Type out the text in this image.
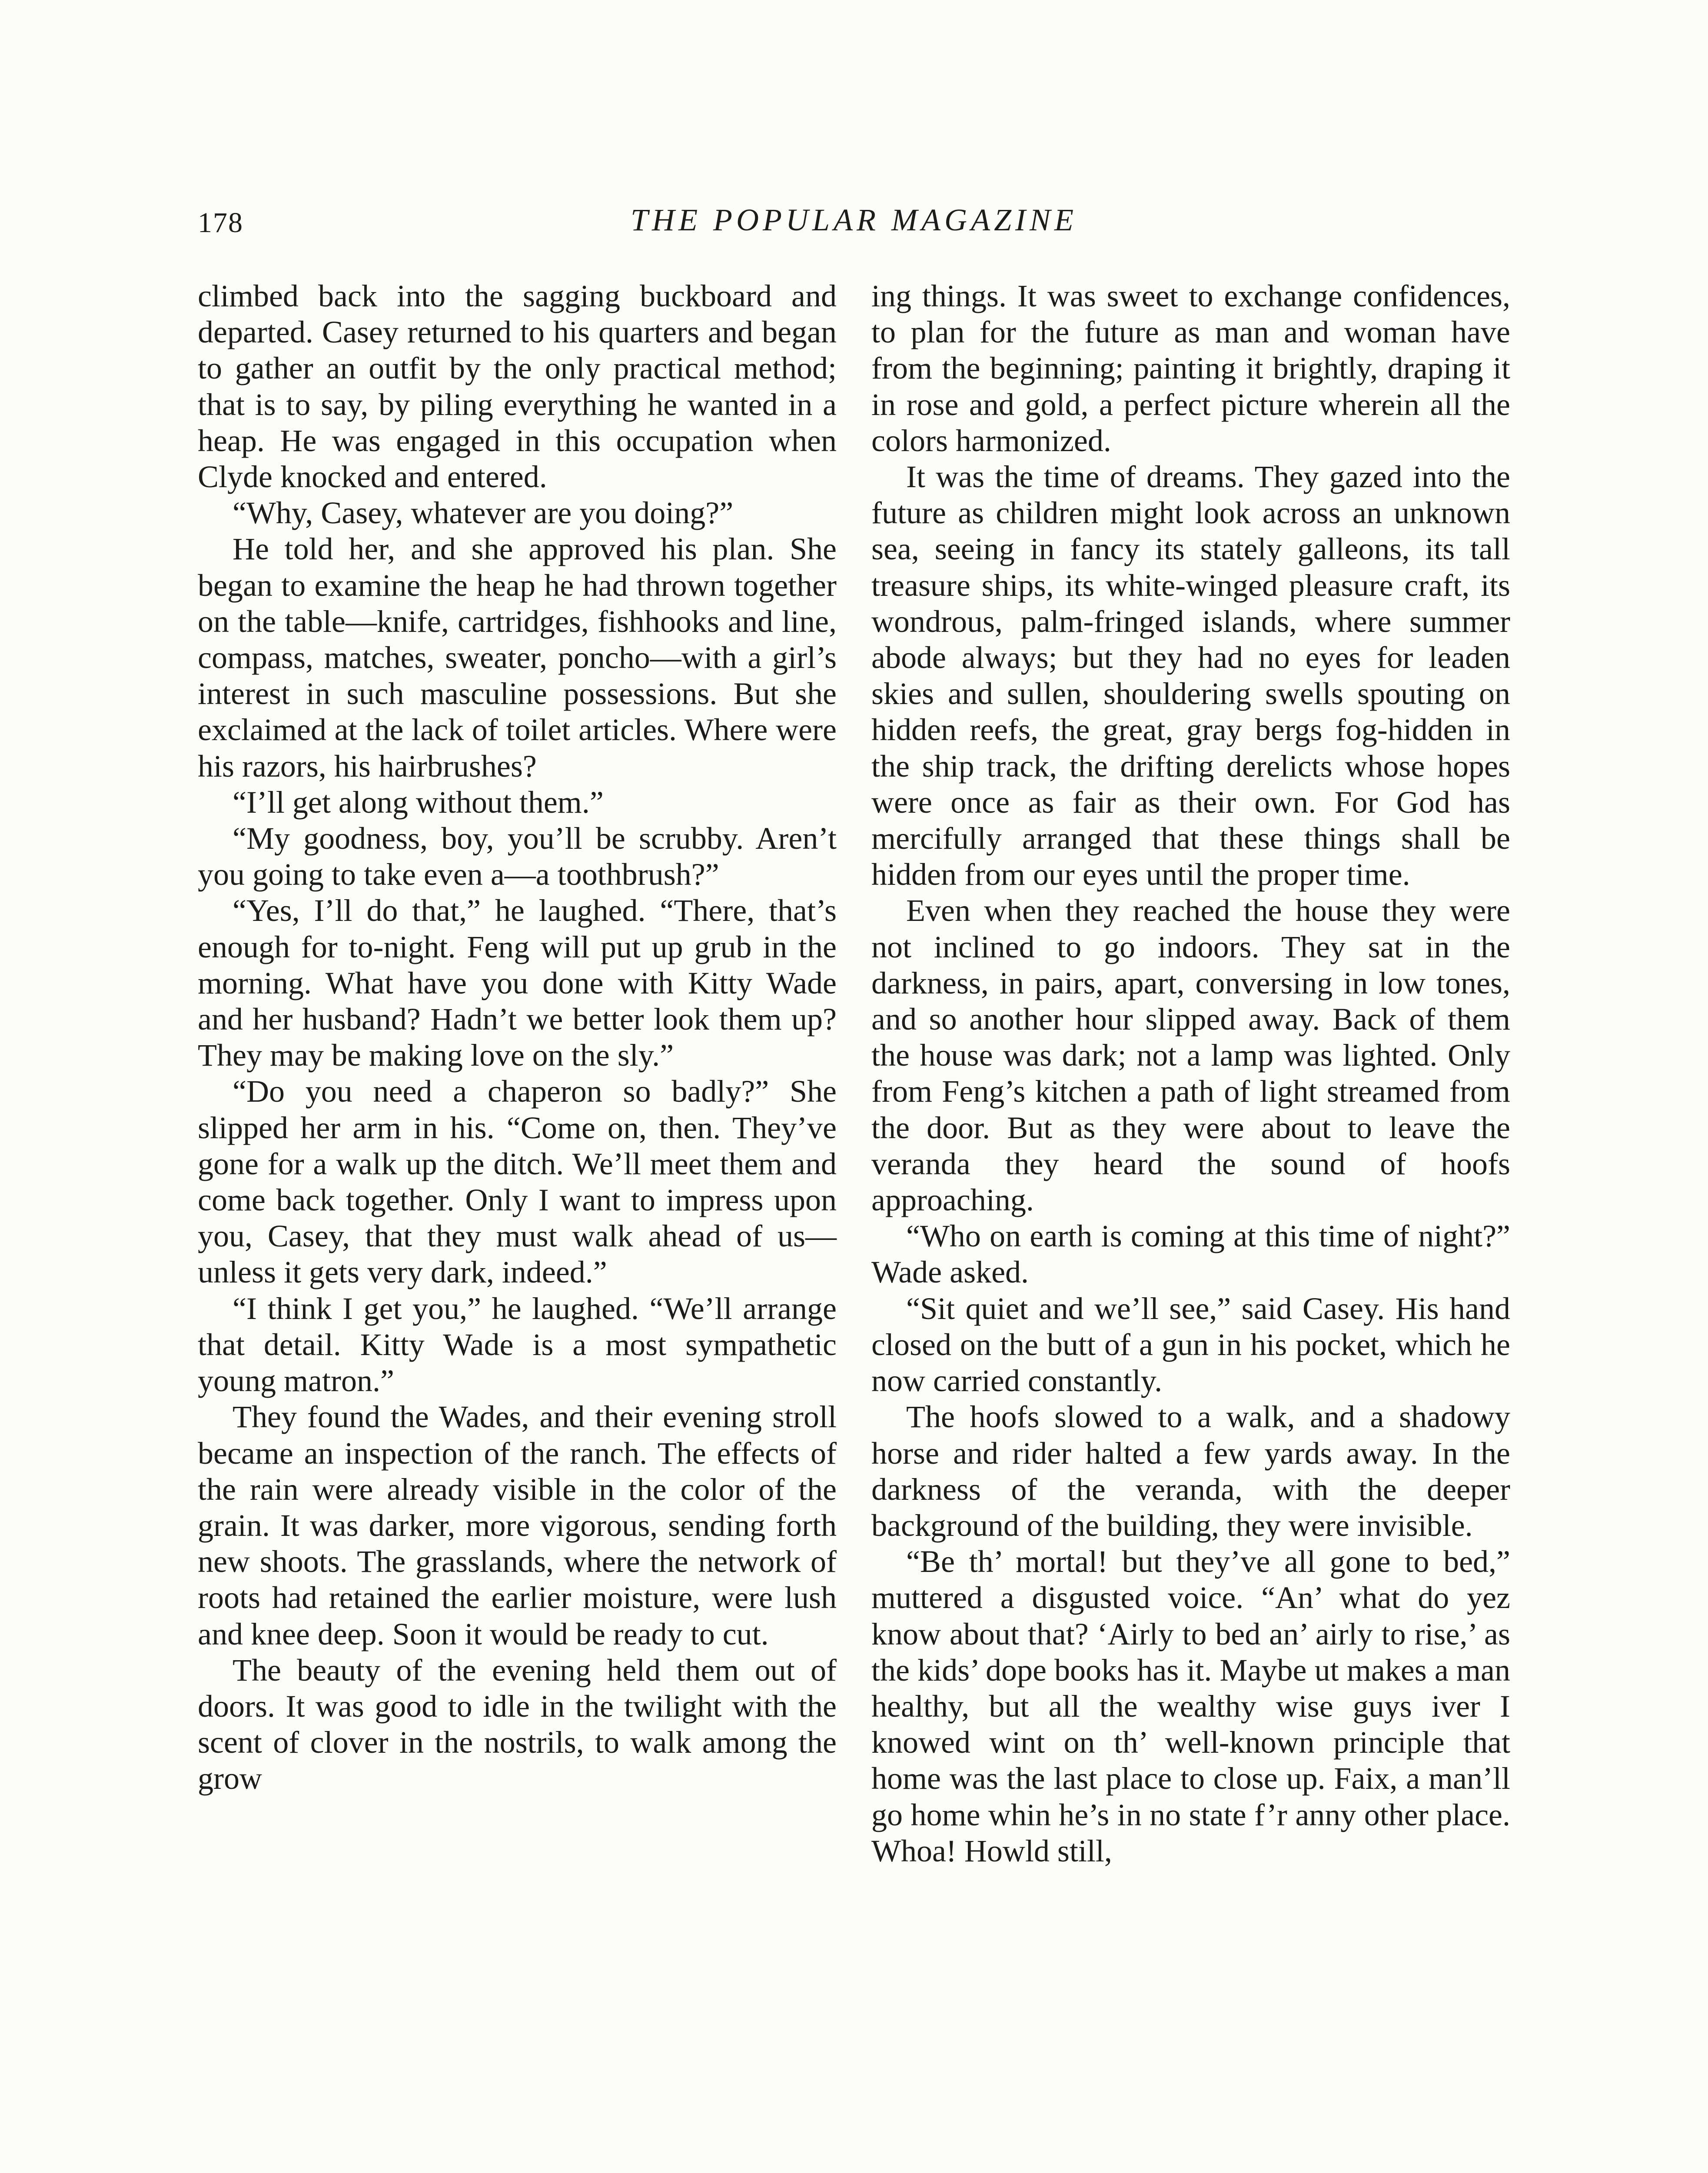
178	THE POPULAR MAGAZINE

climbed back into the sagging buckboard and departed. Casey returned to his quarters and began to gather an outfit by the only practical method; that is to say, by piling everything he wanted in a heap. He was engaged in this occupation when Clyde knocked and entered.

“Why, Casey, whatever are you doing?”

He told her, and she approved his plan. She began to examine the heap he had thrown together on the table—knife, cartridges, fishhooks and line, compass, matches, sweater, poncho—with a girl’s interest in such masculine possessions. But she exclaimed at the lack of toilet articles. Where were his razors, his hairbrushes?

“I’ll get along without them.”

“My goodness, boy, you’ll be scrubby. Aren’t you going to take even a—a toothbrush?”

“Yes, I’ll do that,” he laughed. “There, that’s enough for to-night. Feng will put up grub in the morning. What have you done with Kitty Wade and her husband? Hadn’t we better look them up? They may be making love on the sly.”

“Do you need a chaperon so badly?” She slipped her arm in his. “Come on, then. They’ve gone for a walk up the ditch. We’ll meet them and come back together. Only I want to impress upon you, Casey, that they must walk ahead of us—unless it gets very dark, indeed.”

“I think I get you,” he laughed. “We’ll arrange that detail. Kitty Wade is a most sympathetic young matron.”

They found the Wades, and their evening stroll became an inspection of the ranch. The effects of the rain were already visible in the color of the grain. It was darker, more vigorous, sending forth new shoots. The grasslands, where the network of roots had retained the earlier moisture, were lush and knee deep. Soon it would be ready to cut.

The beauty of the evening held them out of doors. It was good to idle in the twilight with the scent of clover in the nostrils, to walk among the grow

ing things. It was sweet to exchange confidences, to plan for the future as man and woman have from the beginning; painting it brightly, draping it in rose and gold, a perfect picture wherein all the colors harmonized.

It was the time of dreams. They gazed into the future as children might look across an unknown sea, seeing in fancy its stately galleons, its tall treasure ships, its white-winged pleasure craft, its wondrous, palm-fringed islands, where summer abode always; but they had no eyes for leaden skies and sullen, shouldering swells spouting on hidden reefs, the great, gray bergs fog-hidden in the ship track, the drifting derelicts whose hopes were once as fair as their own. For God has mercifully arranged that these things shall be hidden from our eyes until the proper time.

Even when they reached the house they were not inclined to go indoors. They sat in the darkness, in pairs, apart, conversing in low tones, and so another hour slipped away. Back of them the house was dark; not a lamp was lighted. Only from Feng’s kitchen a path of light streamed from the door. But as they were about to leave the veranda they heard the sound of hoofs approaching.

“Who on earth is coming at this time of night?” Wade asked.

“Sit quiet and we’ll see,” said Casey. His hand closed on the butt of a gun in his pocket, which he now carried constantly.

The hoofs slowed to a walk, and a shadowy horse and rider halted a few yards away. In the darkness of the veranda, with the deeper background of the building, they were invisible.

“Be th’ mortal! but they’ve all gone to bed,” muttered a disgusted voice. “An’ what do yez know about that? ‘Airly to bed an’ airly to rise,’ as the kids’ dope books has it. Maybe ut makes a man healthy, but all the wealthy wise guys iver I knowed wint on th’ well-known principle that home was the last place to close up. Faix, a man’ll go home whin he’s in no state f’r anny other place. Whoa! Howld still,
